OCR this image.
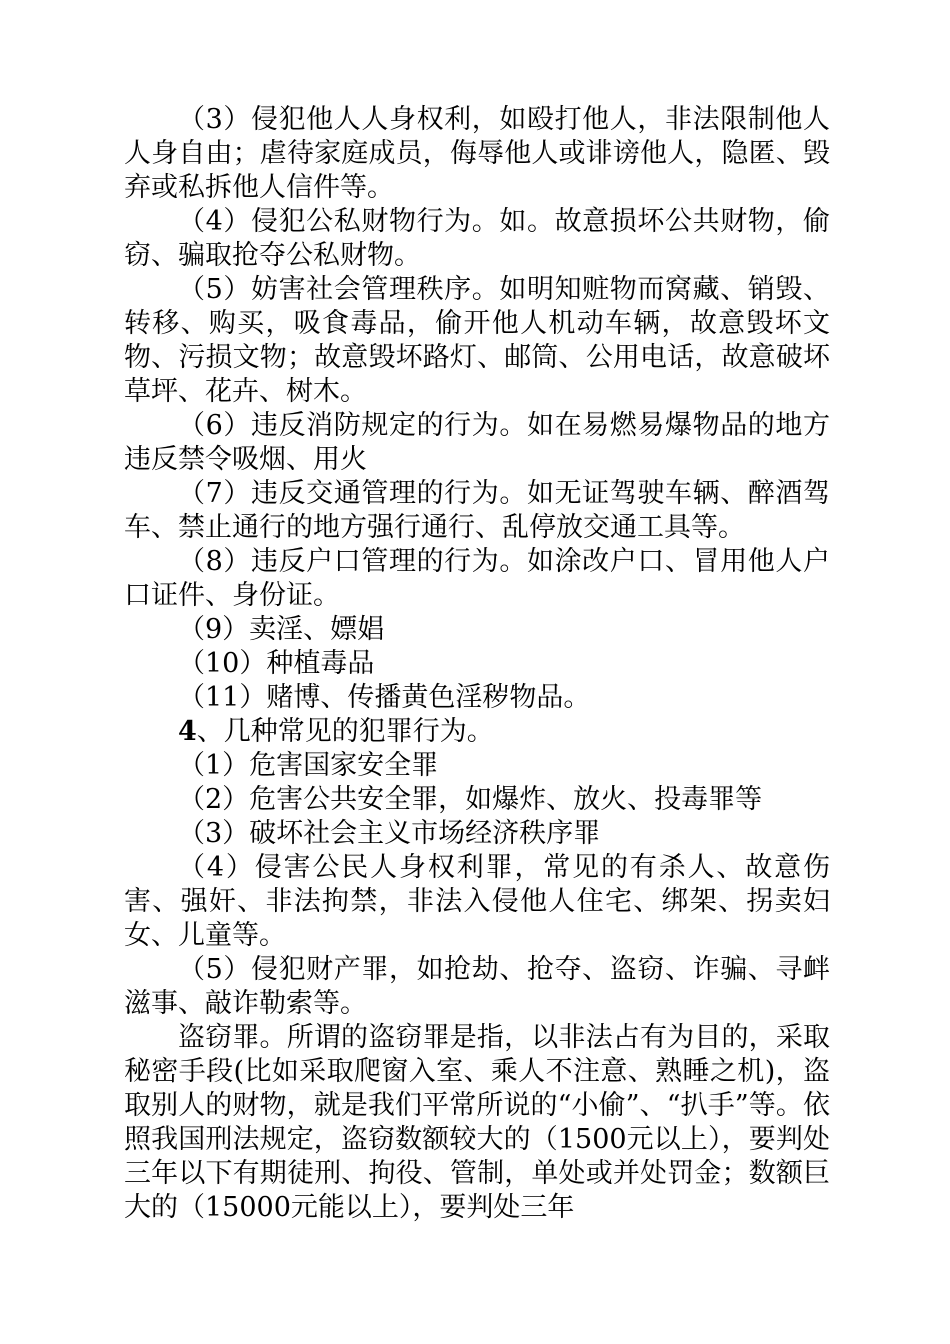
（3）侵犯他人人身权利，如殴打他人，非法限制他人人身自由；虐待家庭成员，侮辱他人或诽谤他人，隐匿、毁弃或私拆他人信件等。

（4）侵犯公私财物行为。如。故意损坏公共财物，偷窃、骗取抢夺公私财物。

（5）妨害社会管理秩序。如明知赃物而窝藏、销毁、转移、购买，吸食毒品，偷开他人机动车辆，故意毁坏文物、污损文物；故意毁坏路灯、邮筒、公用电话，故意破坏草坪、花卉、树木。

（6）违反消防规定的行为。如在易燃易爆物品的地方违反禁令吸烟、用火

（7）违反交通管理的行为。如无证驾驶车辆、醉酒驾车、禁止通行的地方强行通行、乱停放交通工具等。

（8）违反户口管理的行为。如涂改户口、冒用他人户口证件、身份证。

（9）卖淫、嫖娼

（10）种植毒品

（11）赌博、传播黄色淫秽物品。

4、几种常见的犯罪行为。

（1）危害国家安全罪

（2）危害公共安全罪，如爆炸、放火、投毒罪等

（3）破坏社会主义市场经济秩序罪

（4）侵害公民人身权利罪，常见的有杀人、故意伤害、强奸、非法拘禁，非法入侵他人住宅、绑架、拐卖妇女、儿童等。

（5）侵犯财产罪，如抢劫、抢夺、盗窃、诈骗、寻衅滋事、敲诈勒索等。

盗窃罪。所谓的盗窃罪是指，以非法占有为目的，采取秘密手段(比如采取爬窗入室、乘人不注意、熟睡之机)，盗取别人的财物，就是我们平常所说的“小偷”、“扒手”等。依照我国刑法规定，盗窃数额较大的（1500元以上），要判处三年以下有期徒刑、拘役、管制，单处或并处罚金；数额巨大的（15000元能以上），要判处三年
